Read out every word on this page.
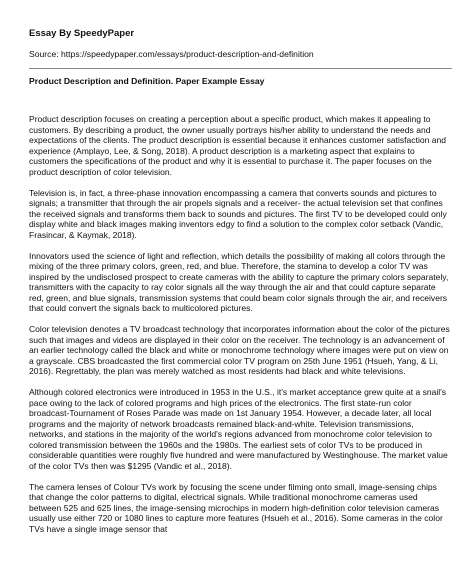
Essay By SpeedyPaper
Source: https://speedypaper.com/essays/product-description-and-definition
Product Description and Definition. Paper Example Essay

Product description focuses on creating a perception about a specific product, which makes it appealing to customers. By describing a product, the owner usually portrays his/her ability to understand the needs and expectations of the clients. The product description is essential because it enhances customer satisfaction and experience (Amplayo, Lee, & Song, 2018). A product description is a marketing aspect that explains to customers the specifications of the product and why it is essential to purchase it. The paper focuses on the product description of color television.

Television is, in fact, a three-phase innovation encompassing a camera that converts sounds and pictures to signals; a transmitter that through the air propels signals and a receiver- the actual television set that confines the received signals and transforms them back to sounds and pictures. The first TV to be developed could only display white and black images making inventors edgy to find a solution to the complex color setback (Vandic, Frasincar, & Kaymak, 2018).

Innovators used the science of light and reflection, which details the possibility of making all colors through the mixing of the three primary colors, green, red, and blue. Therefore, the stamina to develop a color TV was inspired by the undisclosed prospect to create cameras with the ability to capture the primary colors separately, transmitters with the capacity to ray color signals all the way through the air and that could capture separate red, green, and blue signals, transmission systems that could beam color signals through the air, and receivers that could convert the signals back to multicolored pictures.

Color television denotes a TV broadcast technology that incorporates information about the color of the pictures such that images and videos are displayed in their color on the receiver. The technology is an advancement of an earlier technology called the black and white or monochrome technology where images were put on view on a grayscale. CBS broadcasted the first commercial color TV program on 25th June 1951 (Hsueh, Yang, & Li, 2016). Regrettably, the plan was merely watched as most residents had black and white televisions.

Although colored electronics were introduced in 1953 in the U.S., it's market acceptance grew quite at a snail's pace owing to the lack of colored programs and high prices of the electronics. The first state-run color broadcast-Tournament of Roses Parade was made on 1st January 1954. However, a decade later, all local programs and the majority of network broadcasts remained black-and-white. Television transmissions, networks, and stations in the majority of the world's regions advanced from monochrome color television to colored transmission between the 1960s and the 1980s. The earliest sets of color TVs to be produced in considerable quantities were roughly five hundred and were manufactured by Westinghouse. The market value of the color TVs then was $1295 (Vandic et al., 2018).

The camera lenses of Colour TVs work by focusing the scene under filming onto small, image-sensing chips that change the color patterns to digital, electrical signals. While traditional monochrome cameras used between 525 and 625 lines, the image-sensing microchips in modern high-definition color television cameras usually use either 720 or 1080 lines to capture more features (Hsueh et al., 2016). Some cameras in the color TVs have a single image sensor that
